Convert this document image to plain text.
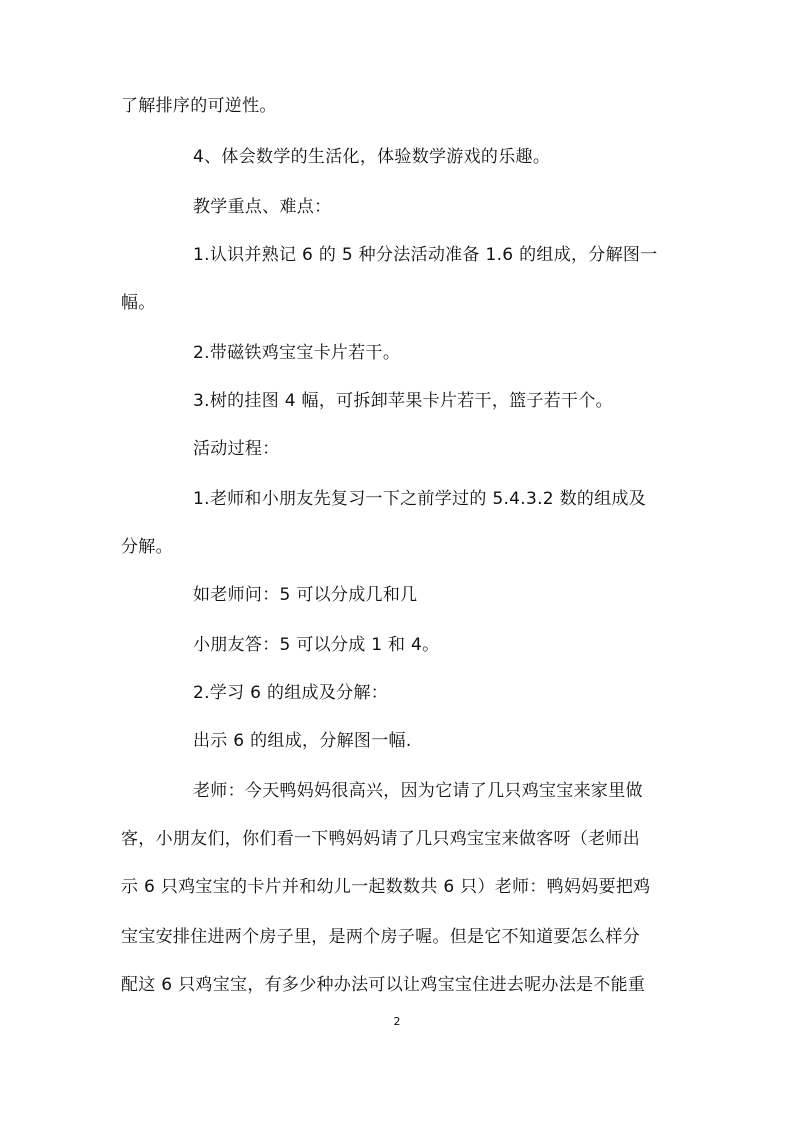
了解排序的可逆性。

4、体会数学的生活化，体验数学游戏的乐趣。

教学重点、难点：

1.认识并熟记 6 的 5 种分法活动准备 1.6 的组成，分解图一

幅。

2.带磁铁鸡宝宝卡片若干。

3.树的挂图 4 幅，可拆卸苹果卡片若干，篮子若干个。

活动过程：

1.老师和小朋友先复习一下之前学过的 5.4.3.2 数的组成及

分解。

如老师问：5 可以分成几和几

小朋友答：5 可以分成 1 和 4。

2.学习 6 的组成及分解：

出示 6 的组成，分解图一幅.

老师：今天鸭妈妈很高兴，因为它请了几只鸡宝宝来家里做

客，小朋友们，你们看一下鸭妈妈请了几只鸡宝宝来做客呀（老师出

示 6 只鸡宝宝的卡片并和幼儿一起数数共 6 只）老师：鸭妈妈要把鸡

宝宝安排住进两个房子里，是两个房子喔。但是它不知道要怎么样分

配这 6 只鸡宝宝，有多少种办法可以让鸡宝宝住进去呢办法是不能重

2
